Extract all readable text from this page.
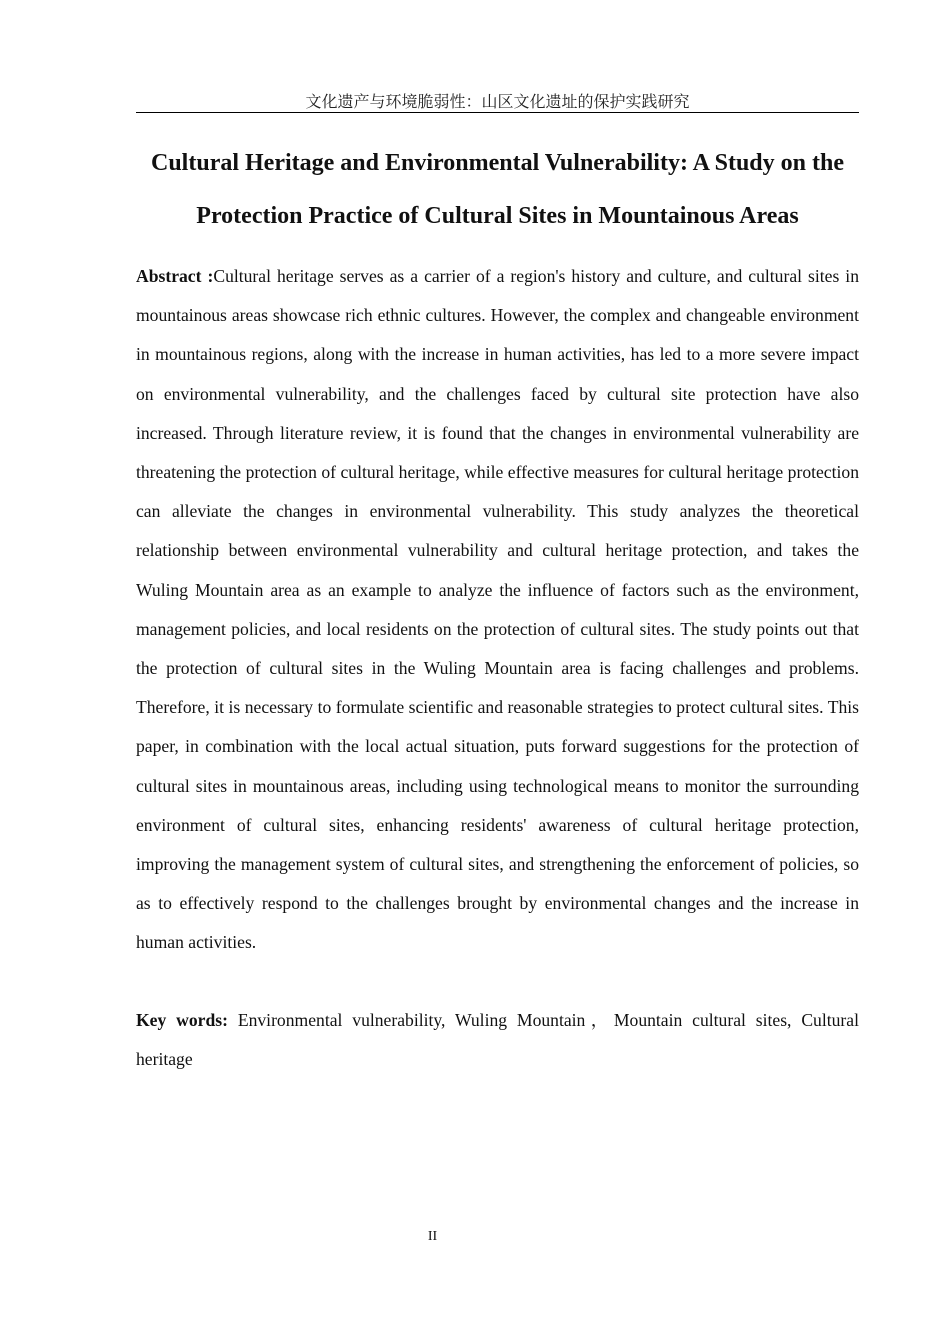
文化遗产与环境脆弱性：山区文化遗址的保护实践研究
Cultural Heritage and Environmental Vulnerability: A Study on the Protection Practice of Cultural Sites in Mountainous Areas

Abstract :Cultural heritage serves as a carrier of a region's history and culture, and cultural sites in mountainous areas showcase rich ethnic cultures. However, the complex and changeable environment in mountainous regions, along with the increase in human activities, has led to a more severe impact on environmental vulnerability, and the challenges faced by cultural site protection have also increased. Through literature review, it is found that the changes in environmental vulnerability are threatening the protection of cultural heritage, while effective measures for cultural heritage protection can alleviate the changes in environmental vulnerability. This study analyzes the theoretical relationship between environmental vulnerability and cultural heritage protection, and takes the Wuling Mountain area as an example to analyze the influence of factors such as the environment, management policies, and local residents on the protection of cultural sites. The study points out that the protection of cultural sites in the Wuling Mountain area is facing challenges and problems. Therefore, it is necessary to formulate scientific and reasonable strategies to protect cultural sites. This paper, in combination with the local actual situation, puts forward suggestions for the protection of cultural sites in mountainous areas, including using technological means to monitor the surrounding environment of cultural sites, enhancing residents' awareness of cultural heritage protection, improving the management system of cultural sites, and strengthening the enforcement of policies, so as to effectively respond to the challenges brought by environmental changes and the increase in human activities.

Key words: Environmental vulnerability, Wuling Mountain，Mountain cultural sites, Cultural heritage

II
